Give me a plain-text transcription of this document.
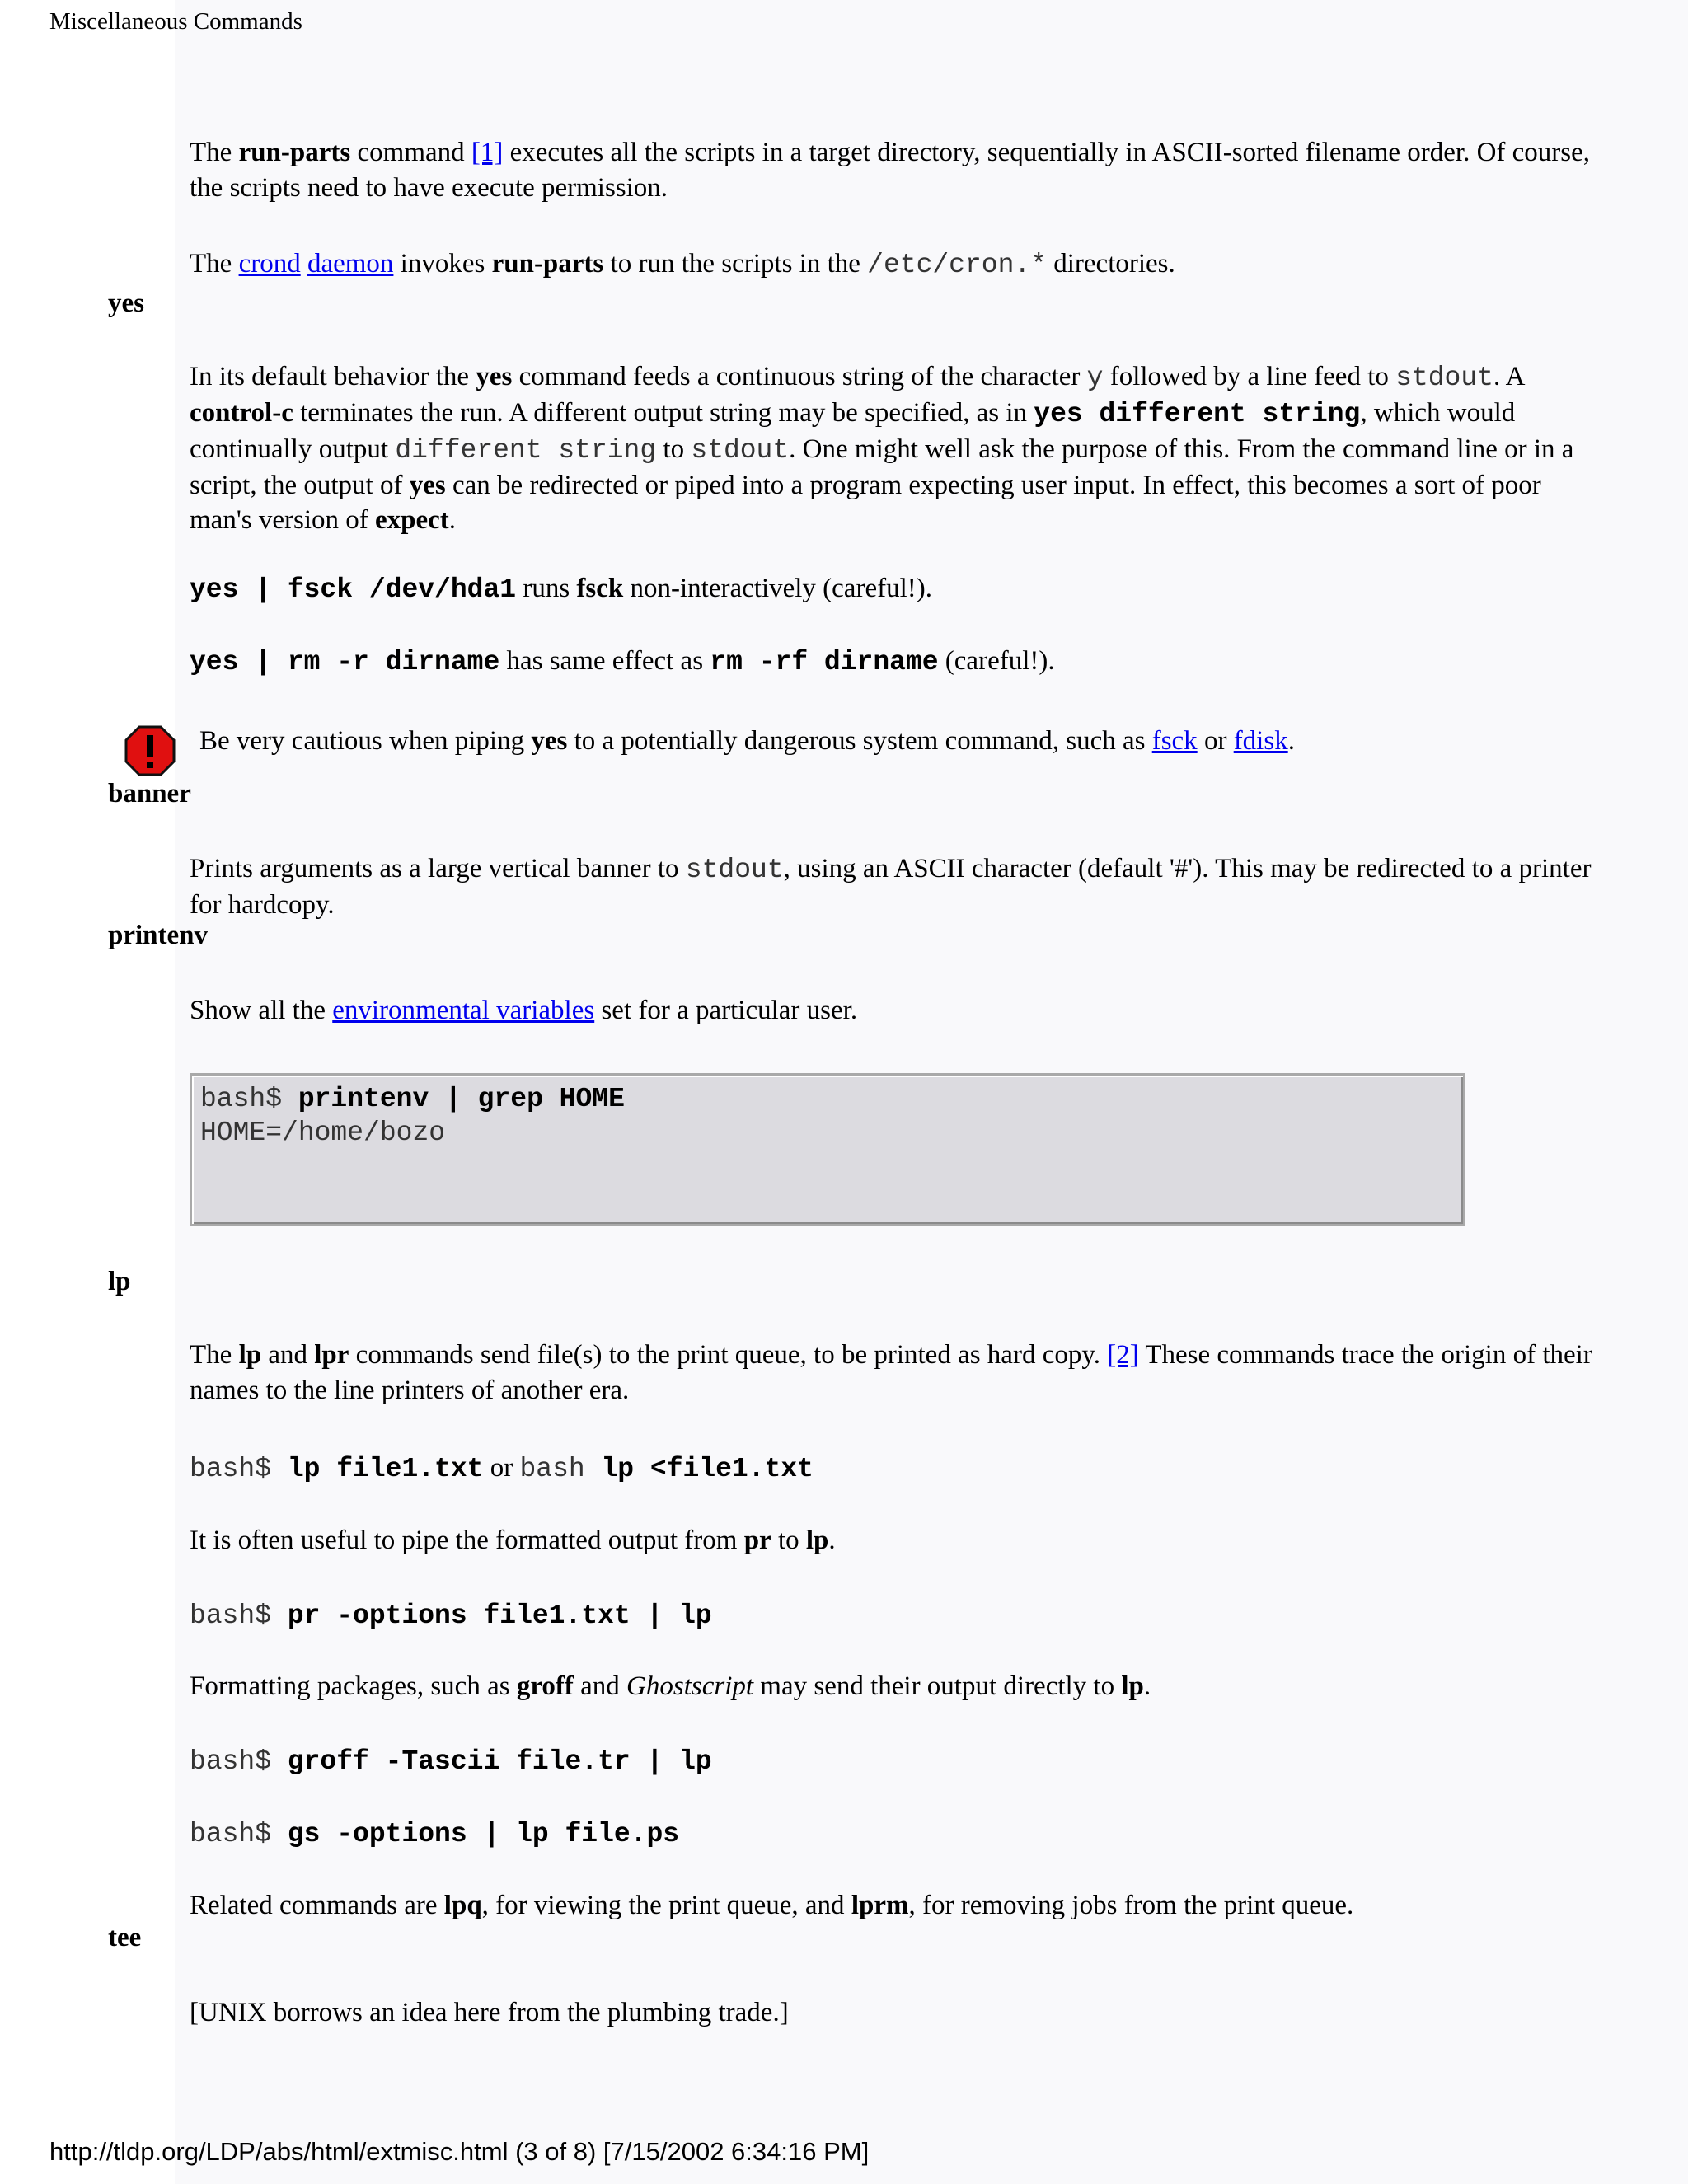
Miscellaneous Commands
The run-parts command [1] executes all the scripts in a target directory, sequentially in ASCII-sorted filename order. Of course, the scripts need to have execute permission.
The crond daemon invokes run-parts to run the scripts in the /etc/cron.* directories.
yes
In its default behavior the yes command feeds a continuous string of the character y followed by a line feed to stdout. A control-c terminates the run. A different output string may be specified, as in yes different string, which would continually output different string to stdout. One might well ask the purpose of this. From the command line or in a script, the output of yes can be redirected or piped into a program expecting user input. In effect, this becomes a sort of poor man's version of expect.
yes | fsck /dev/hda1 runs fsck non-interactively (careful!).
yes | rm -r dirname has same effect as rm -rf dirname (careful!).
Be very cautious when piping yes to a potentially dangerous system command, such as fsck or fdisk.
banner
Prints arguments as a large vertical banner to stdout, using an ASCII character (default '#'). This may be redirected to a printer for hardcopy.
printenv
Show all the environmental variables set for a particular user.
bash$ printenv | grep HOME
HOME=/home/bozo
lp
The lp and lpr commands send file(s) to the print queue, to be printed as hard copy. [2] These commands trace the origin of their names to the line printers of another era.
bash$ lp file1.txt or bash lp <file1.txt
It is often useful to pipe the formatted output from pr to lp.
bash$ pr -options file1.txt | lp
Formatting packages, such as groff and Ghostscript may send their output directly to lp.
bash$ groff -Tascii file.tr | lp
bash$ gs -options | lp file.ps
Related commands are lpq, for viewing the print queue, and lprm, for removing jobs from the print queue.
tee
[UNIX borrows an idea here from the plumbing trade.]
http://tldp.org/LDP/abs/html/extmisc.html (3 of 8) [7/15/2002 6:34:16 PM]
